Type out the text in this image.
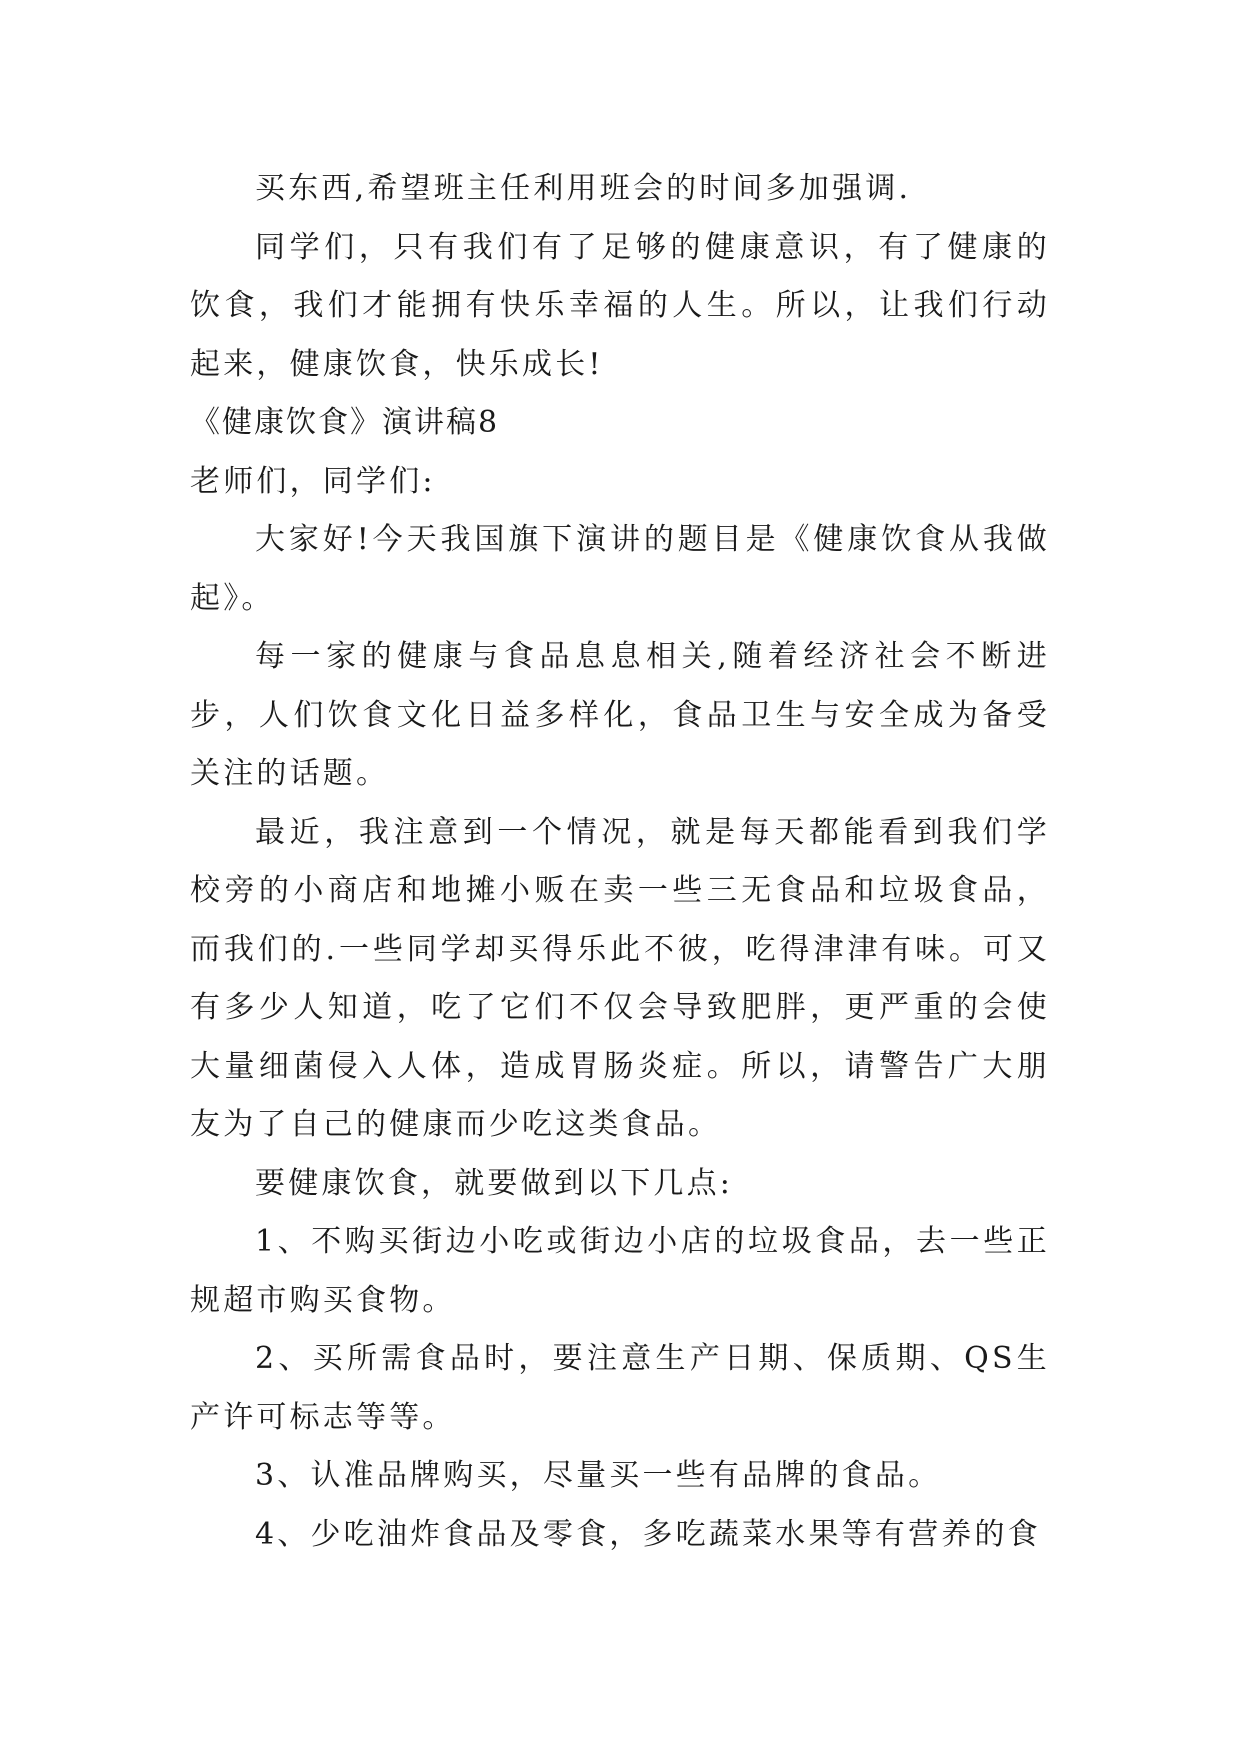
买东西,希望班主任利用班会的时间多加强调.

同学们，只有我们有了足够的健康意识，有了健康的饮食，我们才能拥有快乐幸福的人生。所以，让我们行动起来，健康饮食，快乐成长!

《健康饮食》演讲稿8

老师们，同学们:

大家好!今天我国旗下演讲的题目是《健康饮食从我做起》。

每一家的健康与食品息息相关,随着经济社会不断进步，人们饮食文化日益多样化，食品卫生与安全成为备受关注的话题。

最近，我注意到一个情况，就是每天都能看到我们学校旁的小商店和地摊小贩在卖一些三无食品和垃圾食品，而我们的.一些同学却买得乐此不彼，吃得津津有味。可又有多少人知道，吃了它们不仅会导致肥胖，更严重的会使大量细菌侵入人体，造成胃肠炎症。所以，请警告广大朋友为了自己的健康而少吃这类食品。

要健康饮食，就要做到以下几点:

1、不购买街边小吃或街边小店的垃圾食品，去一些正规超市购买食物。

2、买所需食品时，要注意生产日期、保质期、QS生产许可标志等等。

3、认准品牌购买，尽量买一些有品牌的食品。

4、少吃油炸食品及零食，多吃蔬菜水果等有营养的食
